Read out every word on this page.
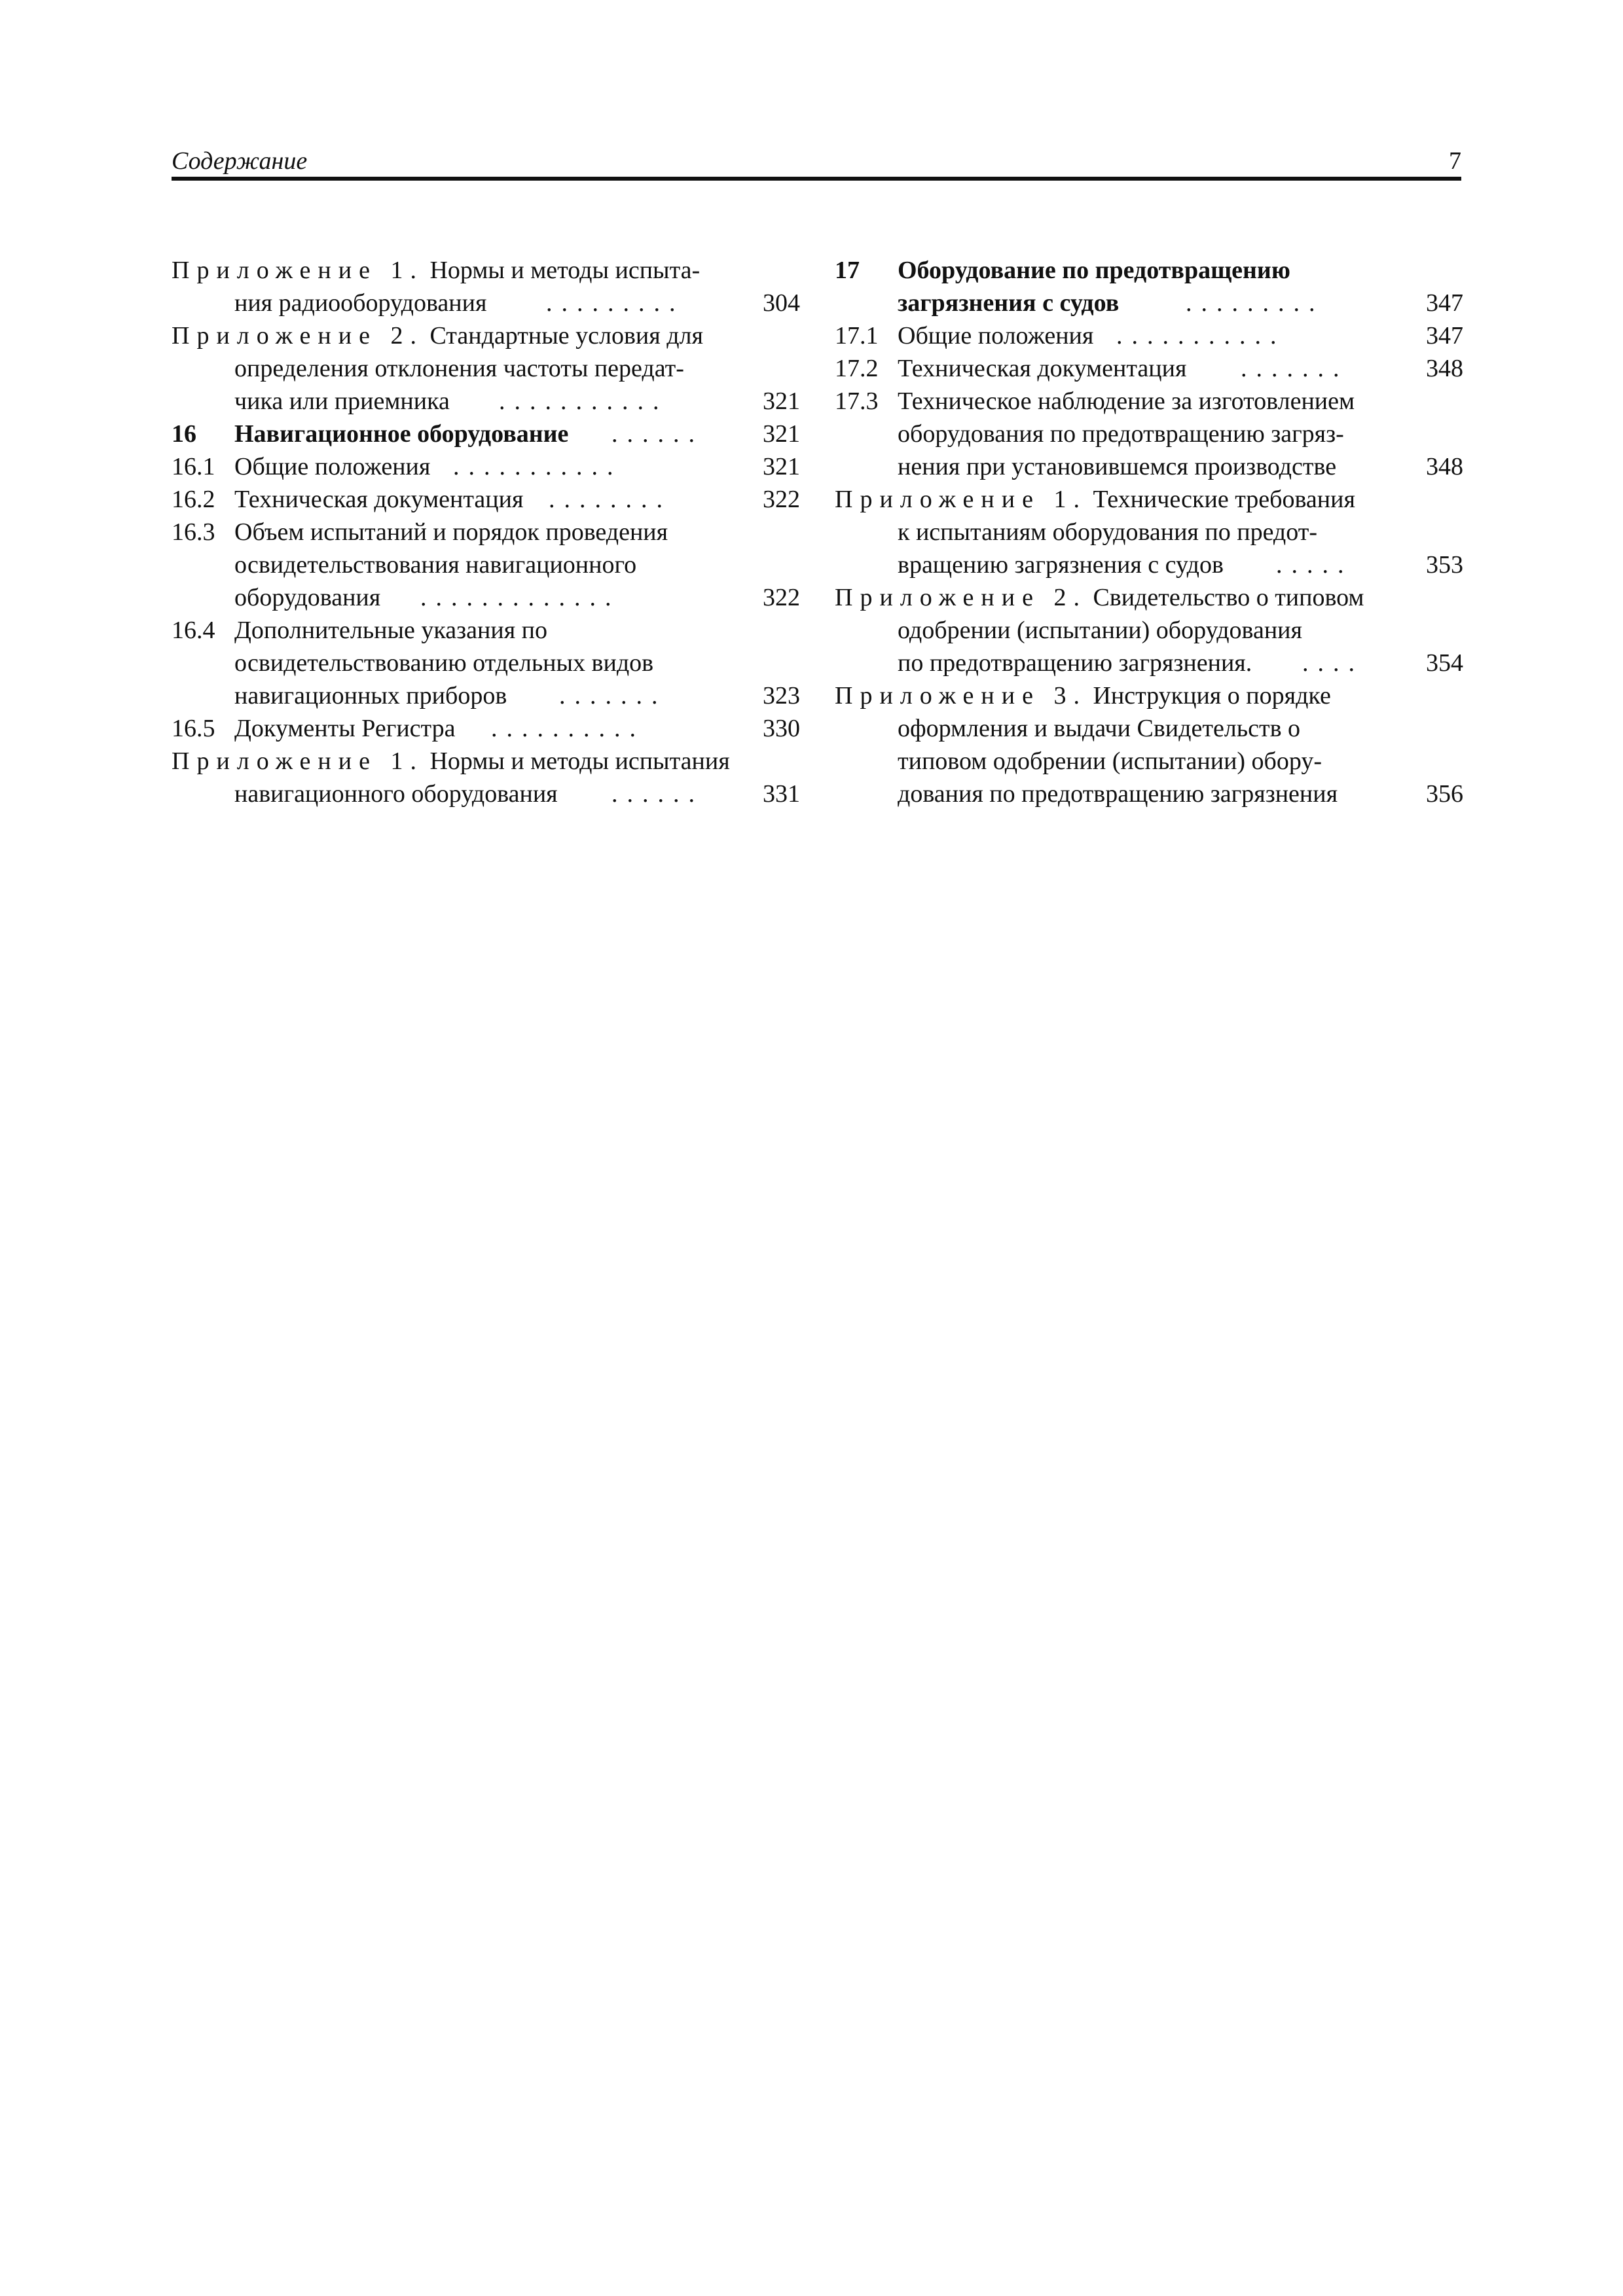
Содержание	7
Приложение 1. Нормы и методы испыта-
ния радиооборудования .........	304
Приложение 2. Стандартные условия для
определения отклонения частоты передат-
чика или приемника ...........	321
16 Навигационное оборудование ...... 321
16.1 Общие положения ...........	321
16.2 Техническая документация ........	322
16.3 Объем испытаний и порядок проведения
освидетельствования навигационного
оборудования .............	322
16.4 Дополнительные указания по
освидетельствованию отдельных видов
навигационных приборов .......	323
16.5 Документы Регистра ..........	330
Приложение 1. Нормы и методы испытания
навигационного оборудования ...... 331
17 Оборудование по предотвращению
загрязнения с судов	.........	347
17.1 Общие положения ...........	347
17.2 Техническая документация .......	348
17.3 Техническое наблюдение за изготовлением
оборудования по предотвращению загряз-
нения при установившемся производстве	348
Приложение 1. Технические требования
к испытаниям оборудования по предот-
вращению загрязнения с судов .....	353
Приложение 2. Свидетельство о типовом
одобрении (испытании) оборудования
по предотвращению загрязнения. ....	354
Приложение 3. Инструкция о порядке
оформления и выдачи Свидетельств о
типовом одобрении (испытании) обору-
дования по предотвращению загрязнения	356
